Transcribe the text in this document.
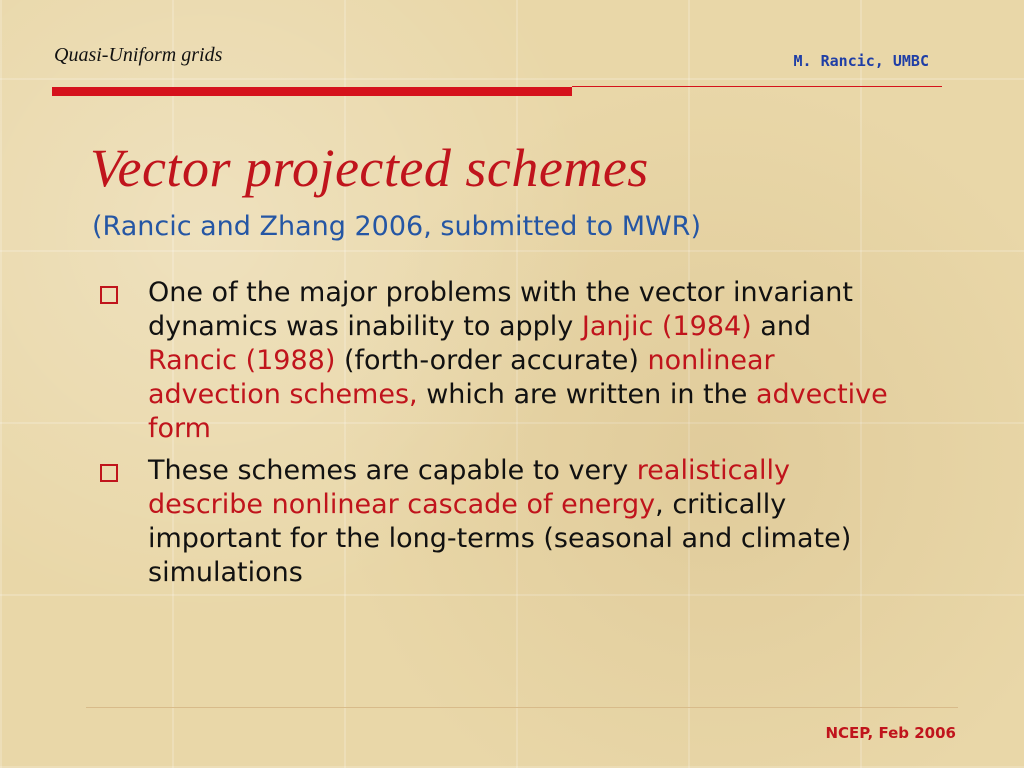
Quasi-Uniform grids	M. Rancic, UMBC
Vector projected schemes
(Rancic and Zhang 2006, submitted to MWR)
One of the major problems with the vector invariant dynamics was inability to apply Janjic (1984) and Rancic (1988) (forth-order accurate) nonlinear advection schemes, which are written in the advective form
These schemes are capable to very realistically describe nonlinear cascade of energy, critically important for the long-terms (seasonal and climate) simulations
NCEP, Feb 2006
